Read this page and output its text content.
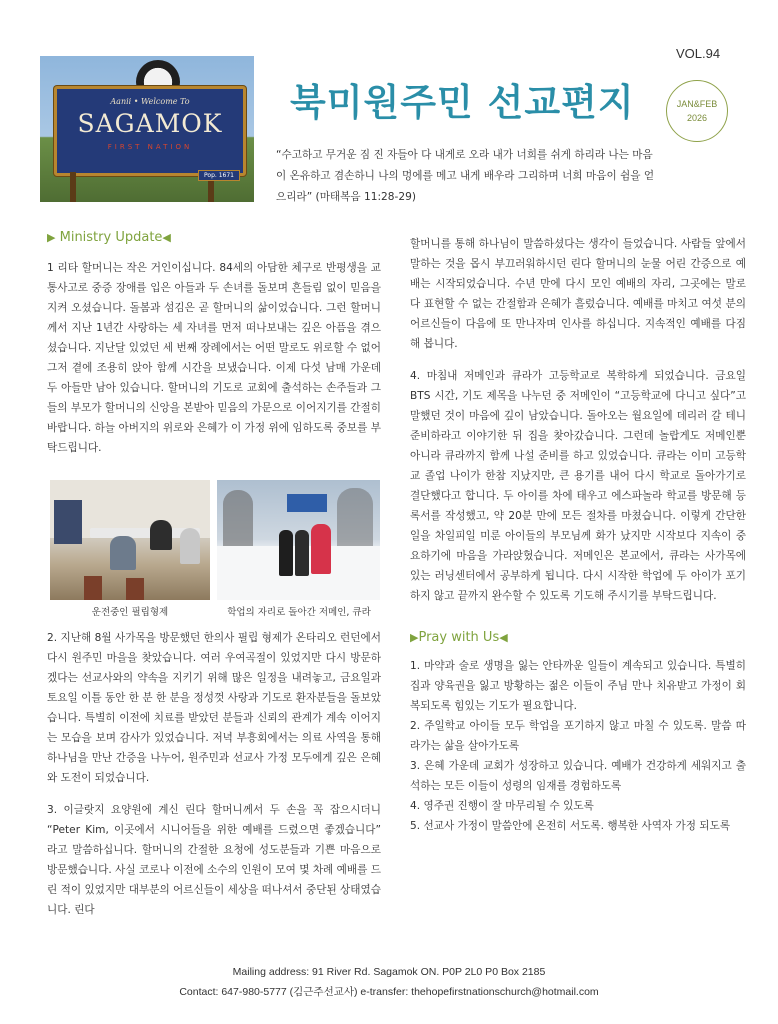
Aanii • Welcome To
SAGAMOK
FIRST NATION
Pop. 1671
북미원주민 선교편지
VOL.94
JAN&FEB
2026
“수고하고 무거운 짐 진 자들아 다 내게로 오라 내가 너희를 쉬게 하리라 나는 마음이 온유하고 겸손하니 나의 멍에를 메고 내게 배우라 그리하며 너희 마음이 쉼을 얻으리라” (마태복음 11:28-29)
▶ Ministry Update◀

1 리타 할머니는 작은 거인이십니다. 84세의 아담한 체구로 반평생을 교통사고로 중증 장애를 입은 아들과 두 손녀를 돌보며 흔들림 없이 믿음을 지켜 오셨습니다. 돌봄과 섬김은 곧 할머니의 삶이었습니다. 그런 할머니께서 지난 1년간 사랑하는 세 자녀를 먼저 떠나보내는 깊은 아픔을 겪으셨습니다. 지난달 있었던 세 번째 장례에서는 어떤 말로도 위로할 수 없어 그저 곁에 조용히 앉아 함께 시간을 보냈습니다. 이제 다섯 남매 가운데 두 아들만 남아 있습니다. 할머니의 기도로 교회에 출석하는 손주들과 그들의 부모가 할머니의 신앙을 본받아 믿음의 가문으로 이어지기를 간절히 바랍니다. 하늘 아버지의 위로와 은혜가 이 가정 위에 임하도록 중보를 부탁드립니다.

운전중인 필립형제	학업의 자리로 돌아간 저메인, 큐라

2. 지난해 8월 사가목을 방문했던 한의사 필립 형제가 온타리오 런던에서 다시 원주민 마을을 찾았습니다. 여러 우여곡절이 있었지만 다시 방문하겠다는 선교사와의 약속을 지키기 위해 많은 일정을 내려놓고, 금요일과 토요일 이틀 동안 한 분 한 분을 정성껏 사랑과 기도로 환자분들을 돌보았습니다. 특별히 이전에 치료를 받았던 분들과 신뢰의 관계가 계속 이어지는 모습을 보며 감사가 있었습니다. 저녁 부흥회에서는 의료 사역을 통해 하나님을 만난 간증을 나누어, 원주민과 선교사 가정 모두에게 깊은 은혜와 도전이 되었습니다.

3. 이글랏지 요양원에 계신 린다 할머니께서 두 손을 꼭 잡으시더니 “Peter Kim, 이곳에서 시니어들을 위한 예배를 드렸으면 좋겠습니다” 라고 말씀하십니다. 할머니의 간절한 요청에 성도분들과 기쁜 마음으로 방문했습니다. 사실 코로나 이전에 소수의 인원이 모여 몇 차례 예배를 드린 적이 있었지만 대부분의 어르신들이 세상을 떠나셔서 중단된 상태였습니다. 린다

할머니를 통해 하나님이 말씀하셨다는 생각이 들었습니다. 사람들 앞에서 말하는 것을 몹시 부끄러워하시던 린다 할머니의 눈물 어린 간증으로 예배는 시작되었습니다. 수년 만에 다시 모인 예배의 자리, 그곳에는 말로 다 표현할 수 없는 간절함과 은혜가 흘렀습니다. 예배를 마치고 여섯 분의 어르신들이 다음에 또 만나자며 인사를 하십니다. 지속적인 예배를 다짐해 봅니다.

4. 마침내 저메인과 큐라가 고등학교로 복학하게 되었습니다. 금요일 BTS 시간, 기도 제목을 나누던 중 저메인이 “고등학교에 다니고 싶다”고 말했던 것이 마음에 깊이 남았습니다. 돌아오는 월요일에 데리러 갈 테니 준비하라고 이야기한 뒤 집을 찾아갔습니다. 그런데 놀랍게도 저메인뿐 아니라 큐라까지 함께 나설 준비를 하고 있었습니다. 큐라는 이미 고등학교 졸업 나이가 한참 지났지만, 큰 용기를 내어 다시 학교로 돌아가기로 결단했다고 합니다. 두 아이를 차에 태우고 에스파놀라 학교를 방문해 등록서를 작성했고, 약 20분 만에 모든 절차를 마쳤습니다. 이렇게 간단한 일을 차일피일 미룬 아이들의 부모님께 화가 났지만 시작보다 지속이 중요하기에 마음을 가라앉혔습니다. 저메인은 본교에서, 큐라는 사가목에 있는 러닝센터에서 공부하게 됩니다. 다시 시작한 학업에 두 아이가 포기하지 않고 끝까지 완수할 수 있도록 기도해 주시기를 부탁드립니다.

▶Pray with Us◀

1. 마약과 술로 생명을 잃는 안타까운 일들이 계속되고 있습니다. 특별히 집과 양육권을 잃고 방황하는 젊은 이들이 주님 만나 치유받고 가정이 회복되도록 힘있는 기도가 필요합니다.

2. 주일학교 아이들 모두 학업을 포기하지 않고 마칠 수 있도록. 말씀 따라가는 삶을 살아가도록

3. 은혜 가운데 교회가 성장하고 있습니다. 예배가 건강하게 세워지고 출석하는 모든 이들이 성령의 임재를 경험하도록

4. 영주권 진행이 잘 마무리될 수 있도록

5. 선교사 가정이 말씀안에 온전히 서도록. 행복한 사역자 가정 되도록

Mailing address: 91 River Rd. Sagamok ON. P0P 2L0 P0 Box 2185
Contact: 647-980-5777 (김근주선교사) e-transfer: thehopefirstnationschurch@hotmail.com
